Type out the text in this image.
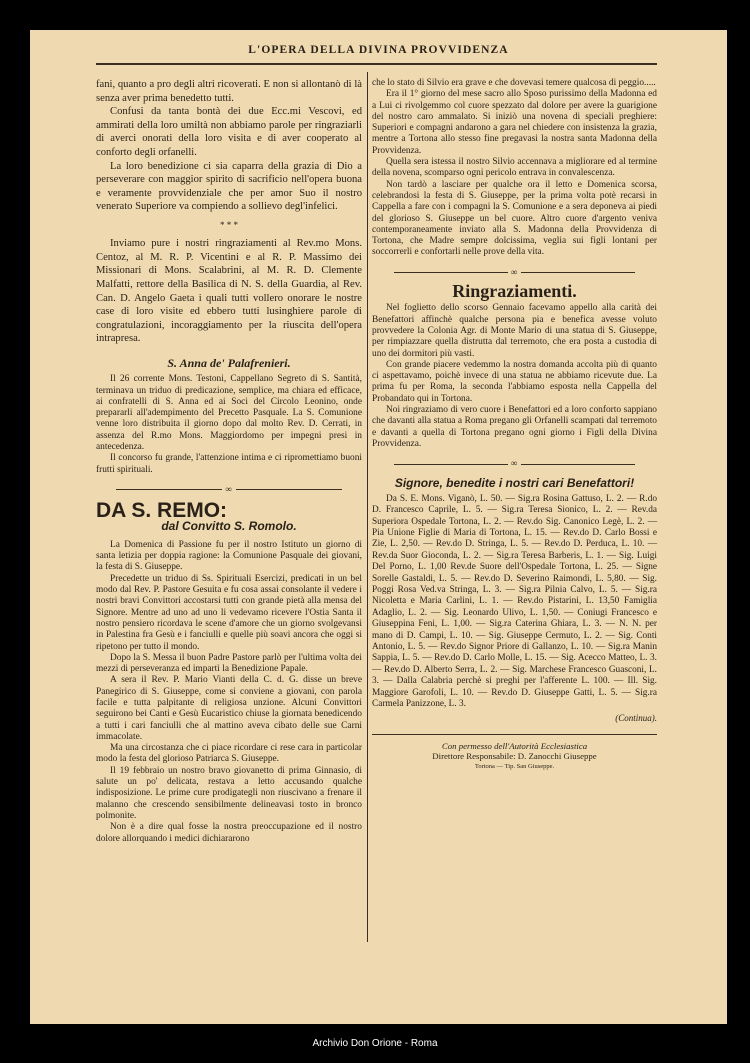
L'OPERA DELLA DIVINA PROVVIDENZA

fani, quanto a pro degli altri ricoverati. E non si allontanò di là senza aver prima benedetto tutti.

Confusi da tanta bontà dei due Ecc.mi Vescovi, ed ammirati della loro umiltà non abbiamo parole per ringraziarli di averci onorati della loro visita e di aver cooperato al conforto degli orfanelli.

La loro benedizione ci sia caparra della grazia di Dio a perseverare con maggior spirito di sacrificio nell'opera buona e veramente provvidenziale che per amor Suo il nostro venerato Superiore va compiendo a sollievo degl'infelici.

* * *

Inviamo pure i nostri ringraziamenti al Rev.mo Mons. Centoz, al M. R. P. Vicentini e al R. P. Massimo dei Missionari di Mons. Scalabrini, al M. R. D. Clemente Malfatti, rettore della Basilica di N. S. della Guardia, al Rev. Can. D. Angelo Gaeta i quali tutti vollero onorare le nostre case di loro visite ed ebbero tutti lusinghiere parole di congratulazioni, incoraggiamento per la riuscita dell'opera intrapresa.

S. Anna de' Palafrenieri.

Il 26 corrente Mons. Testoni, Cappellano Segreto di S. Santità, terminava un triduo di predicazione, semplice, ma chiara ed efficace, ai confratelli di S. Anna ed ai Soci del Circolo Leonino, onde prepararli all'adempimento del Precetto Pasquale. La S. Comunione venne loro distribuita il giorno dopo dal molto Rev. D. Cerrati, in assenza del R.mo Mons. Maggiordomo per impegni presi in antecedenza.

Il concorso fu grande, l'attenzione intima e ci ripromettiamo buoni frutti spirituali.

∞
DA S. REMO:
dal Convitto S. Romolo.

La Domenica di Passione fu per il nostro Istituto un giorno di santa letizia per doppia ragione: la Comunione Pasquale dei giovani, la festa di S. Giuseppe.

Precedette un triduo di Ss. Spirituali Esercizi, predicati in un bel modo dal Rev. P. Pastore Gesuita e fu cosa assai consolante il vedere i nostri bravi Convittori accostarsi tutti con grande pietà alla mensa del Signore. Mentre ad uno ad uno li vedevamo ricevere l'Ostia Santa il nostro pensiero ricordava le scene d'amore che un giorno svolgevansi in Palestina fra Gesù e i fanciulli e quelle più soavi ancora che oggi si ripetono per tutto il mondo.

Dopo la S. Messa il buon Padre Pastore parlò per l'ultima volta dei mezzi di perseveranza ed impartì la Benedizione Papale.

A sera il Rev. P. Mario Vianti della C. d. G. disse un breve Panegirico di S. Giuseppe, come si conviene a giovani, con parola facile e tutta palpitante di religiosa unzione. Alcuni Convittori seguirono bei Canti e Gesù Eucaristico chiuse la giornata benedicendo a tutti i cari fanciulli che al mattino aveva cibato delle sue Carni immacolate.

Ma una circostanza che ci piace ricordare ci rese cara in particolar modo la festa del glorioso Patriarca S. Giuseppe.

Il 19 febbraio un nostro bravo giovanetto di prima Ginnasio, di salute un po' delicata, restava a letto accusando qualche indisposizione. Le prime cure prodigategli non riuscivano a frenare il malanno che crescendo sensibilmente delineavasi tosto in bronco polmonite.

Non è a dire qual fosse la nostra preoccupazione ed il nostro dolore allorquando i medici dichiararono

che lo stato di Silvio era grave e che dovevasi temere qualcosa di peggio.....

Era il 1° giorno del mese sacro allo Sposo purissimo della Madonna ed a Lui ci rivolgemmo col cuore spezzato dal dolore per avere la guarigione del nostro caro ammalato. Si iniziò una novena di speciali preghiere: Superiori e compagni andarono a gara nel chiedere con insistenza la grazia, mentre a Tortona allo stesso fine pregavasi la nostra santa Madonna della Provvidenza.

Quella sera istessa il nostro Silvio accennava a migliorare ed al termine della novena, scomparso ogni pericolo entrava in convalescenza.

Non tardò a lasciare per qualche ora il letto e Domenica scorsa, celebrandosi la festa di S. Giuseppe, per la prima volta potè recarsi in Cappella a fare con i compagni la S. Comunione e a sera deponeva ai piedi del glorioso S. Giuseppe un bel cuore. Altro cuore d'argento veniva contemporaneamente inviato alla S. Madonna della Provvidenza di Tortona, che Madre sempre dolcissima, veglia sui figli lontani per soccorrerli e confortarli nelle prove della vita.

∞
Ringraziamenti.

Nel foglietto dello scorso Gennaio facevamo appello alla carità dei Benefattori affinchè qualche persona pia e benefica avesse voluto provvedere la Colonia Agr. di Monte Mario di una statua di S. Giuseppe, per rimpiazzare quella distrutta dal terremoto, che era posta a custodia di uno dei dormitori più vasti.

Con grande piacere vedemmo la nostra domanda accolta più di quanto ci aspettavamo, poichè invece di una statua ne abbiamo ricevute due. La prima fu per Roma, la seconda l'abbiamo esposta nella Cappella del Probandato qui in Tortona.

Noi ringraziamo di vero cuore i Benefattori ed a loro conforto sappiano che davanti alla statua a Roma pregano gli Orfanelli scampati dal terremoto e davanti a quella di Tortona pregano ogni giorno i Figli della Divina Provvidenza.

∞
Signore, benedite i nostri cari Benefattori!

Da S. E. Mons. Viganò, L. 50. — Sig.ra Rosina Gattuso, L. 2. — R.do D. Francesco Caprile, L. 5. — Sig.ra Teresa Sionico, L. 2. — Rev.da Superiora Ospedale Tortona, L. 2. — Rev.do Sig. Canonico Legè, L. 2. — Pia Unione Figlie di Maria di Tortona, L. 15. — Rev.do D. Carlo Bossi e Zie, L. 2,50. — Rev.do D. Stringa, L. 5. — Rev.do D. Perduca, L. 10. — Rev.da Suor Gioconda, L. 2. — Sig.ra Teresa Barberis, L. 1. — Sig. Luigi Del Porno, L. 1,00 Rev.de Suore dell'Ospedale Tortona, L. 25. — Signe Sorelle Gastaldi, L. 5. — Rev.do D. Severino Raimondi, L. 5,80. — Sig. Poggi Rosa Ved.va Stringa, L. 3. — Sig.ra Pilnia Calvo, L. 5. — Sig.ra Nicoletta e Maria Carlini, L. 1. — Rev.do Pistarini, L. 13,50 Famiglia Adaglio, L. 2. — Sig. Leonardo Ulivo, L. 1,50. — Coniugi Francesco e Giuseppina Feni, L. 1,00. — Sig.ra Caterina Ghiara, L. 3. — N. N. per mano di D. Campi, L. 10. — Sig. Giuseppe Cermuto, L. 2. — Sig. Conti Antonio, L. 5. — Rev.do Signor Priore di Gallanzo, L. 10. — Sig.ra Manin Sappia, L. 5. — Rev.do D. Carlo Molle, L. 15. — Sig. Acecco Matteo, L. 3. — Rev.do D. Alberto Serra, L. 2. — Sig. Marchese Francesco Guasconi, L. 3. — Dalla Calabria perchè si preghi per l'afferente L. 100. — Ill. Sig. Maggiore Garofoli, L. 10. — Rev.do D. Giuseppe Gatti, L. 5. — Sig.ra Carmela Panizzone, L. 3.

(Continua).
Con permesso dell'Autorità Ecclesiastica
Direttore Responsabile: D. Zanocchi Giuseppe
Tortona — Tip. San Giuseppe.
Archivio Don Orione - Roma
